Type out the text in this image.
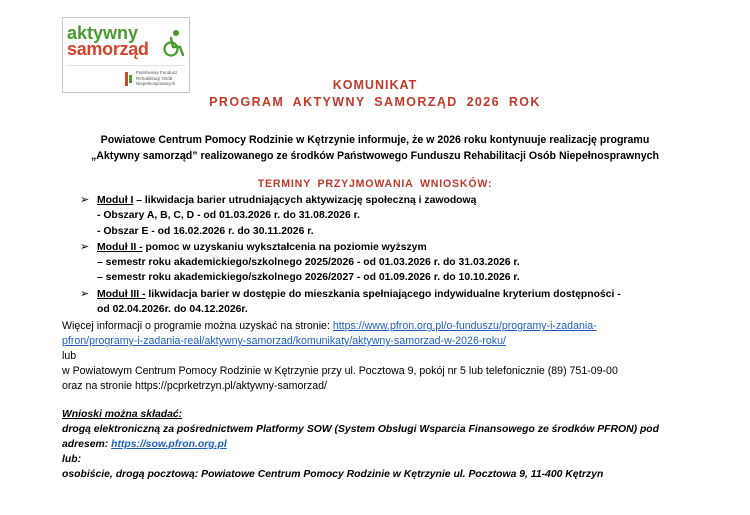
aktywny
samorząd
Państwowy Fundusz Rehabilitacji Osób Niepełnosprawnych	KOMUNIKAT
PROGRAM AKTYWNY SAMORZĄD 2026 ROK
Powiatowe Centrum Pomocy Rodzinie w Kętrzynie informuje, że w 2026 roku kontynuuje realizację programu
„Aktywny samorząd” realizowanego ze środków Państwowego Funduszu Rehabilitacji Osób Niepełnosprawnych
TERMINY PRZYJMOWANIA WNIOSKÓW:
➢ Moduł I – likwidacja barier utrudniających aktywizację społeczną i zawodową
- Obszary A, B, C, D - od 01.03.2026 r. do 31.08.2026 r.
- Obszar E - od 16.02.2026 r. do 30.11.2026 r.
➢ Moduł II - pomoc w uzyskaniu wykształcenia na poziomie wyższym
– semestr roku akademickiego/szkolnego 2025/2026 - od 01.03.2026 r. do 31.03.2026 r.
– semestr roku akademickiego/szkolnego 2026/2027 - od 01.09.2026 r. do 10.10.2026 r.
➢ Moduł III - likwidacja barier w dostępie do mieszkania spełniającego indywidualne kryterium dostępności -
od 02.04.2026r. do 04.12.2026r.
Więcej informacji o programie można uzyskać na stronie: https://www.pfron.org.pl/o-funduszu/programy-i-zadania-
pfron/programy-i-zadania-real/aktywny-samorzad/komunikaty/aktywny-samorzad-w-2026-roku/
lub
w Powiatowym Centrum Pomocy Rodzinie w Kętrzynie przy ul. Pocztowa 9, pokój nr 5 lub telefonicznie (89) 751-09-00
oraz na stronie https://pcprketrzyn.pl/aktywny-samorzad/
Wnioski można składać:
drogą elektroniczną za pośrednictwem Platformy SOW (System Obsługi Wsparcia Finansowego ze środków PFRON) pod
adresem: https://sow.pfron.org.pl
lub:
osobiście, drogą pocztową: Powiatowe Centrum Pomocy Rodzinie w Kętrzynie ul. Pocztowa 9, 11-400 Kętrzyn
